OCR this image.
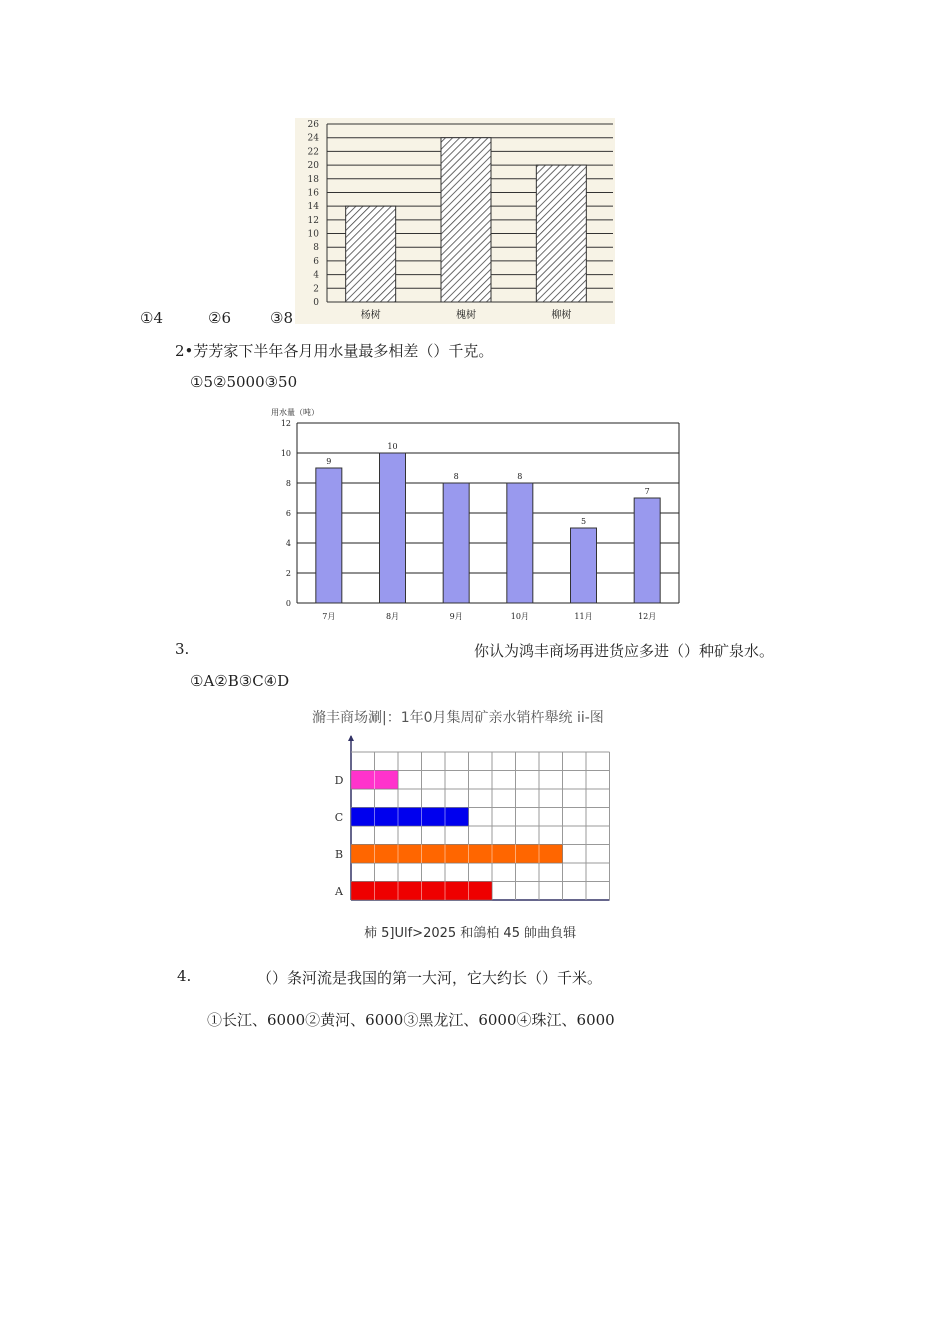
26
24
22
20
18
16
14
12
10
8
6
4
2
0
杨树	槐树	柳树
①4	②6	③8
2•芳芳家下半年各月用水量最多相差（）千克。
①5②5000③50
用水量（吨）
12
10
8
6
4
2
0
9
10
8	8
5
7
7月	8月	9月	10月	11月	12月
3.	你认为鸿丰商场再进货应多进（）种矿泉水。
①A②B③C④D
滫丰商场涮|：1年0月集周矿亲水销杵舉统 ii-图
D
C
B
A
柿 5]Ulf>2025 和鴿柏 45 帥曲負辑
4.	（）条河流是我国的第一大河，它大约长（）千米。
①长江、6000②黄河、6000③黑龙江、6000④珠江、6000
